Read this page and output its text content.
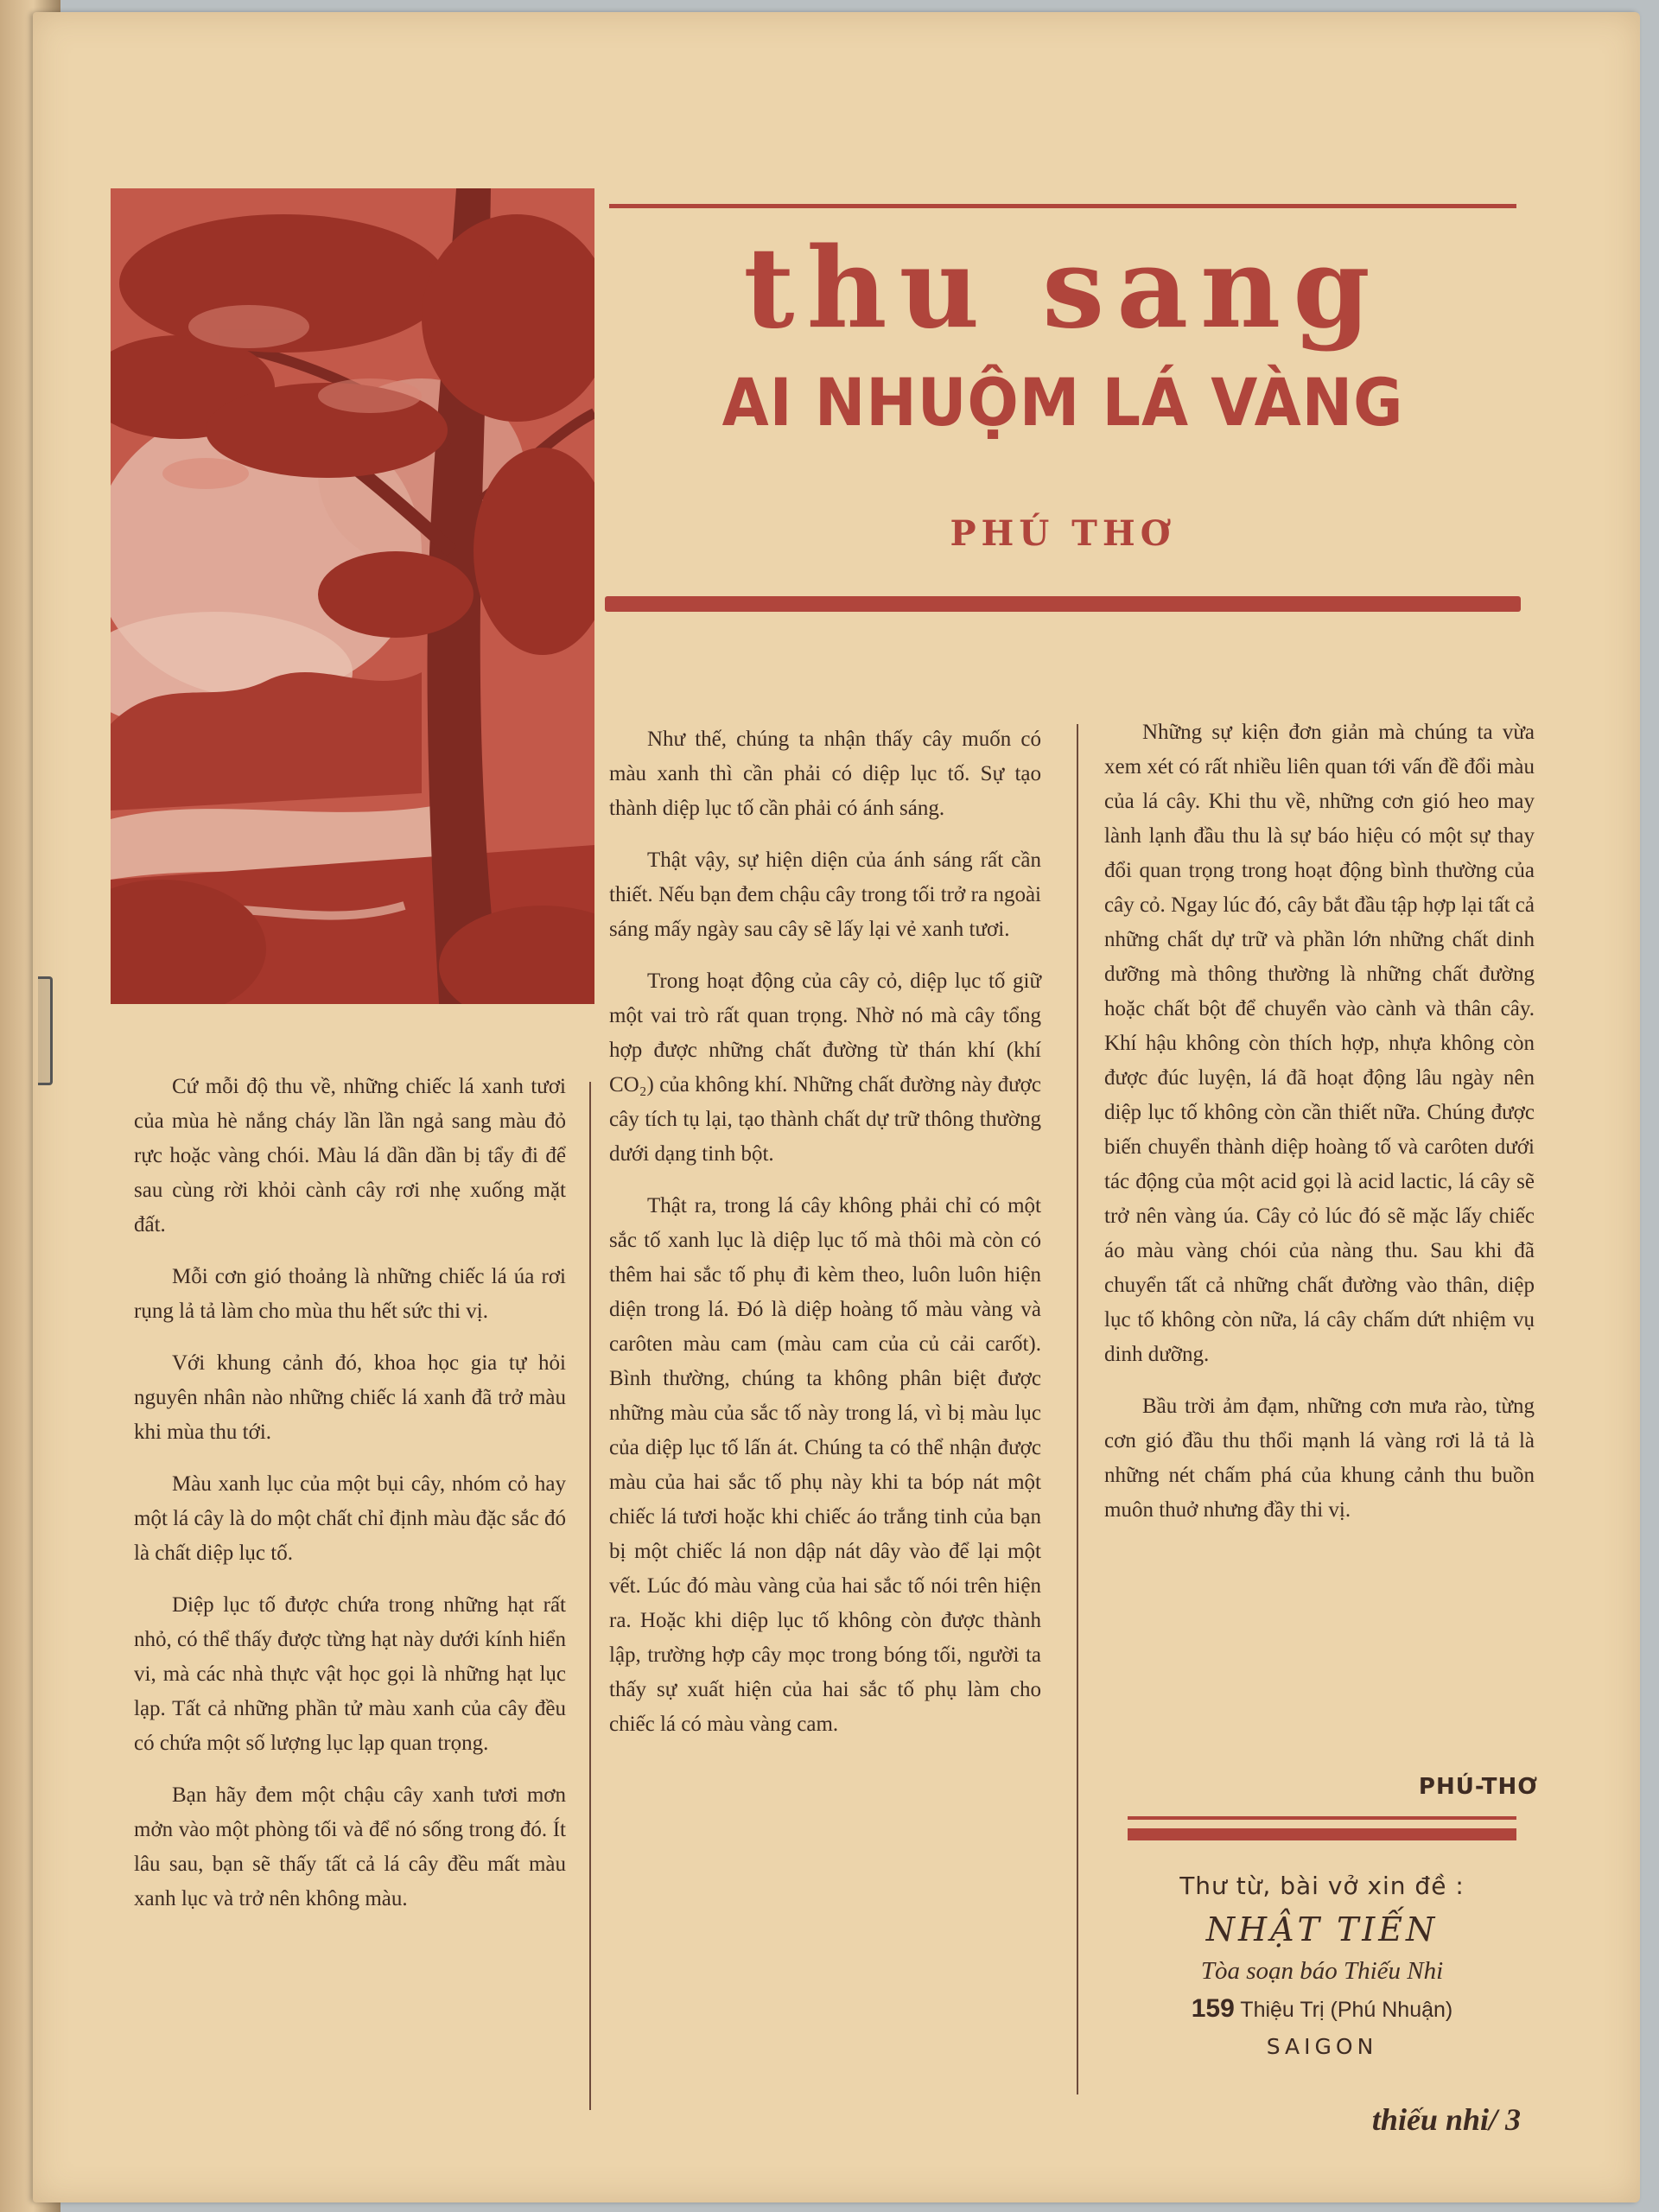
thu sang
AI NHUỘM LÁ VÀNG
PHÚ THƠ

Cứ mỗi độ thu về, những chiếc lá xanh tươi của mùa hè nắng cháy lần lần ngả sang màu đỏ rực hoặc vàng chói. Màu lá dần dần bị tẩy đi để sau cùng rời khỏi cành cây rơi nhẹ xuống mặt đất.

Mỗi cơn gió thoảng là những chiếc lá úa rơi rụng lả tả làm cho mùa thu hết sức thi vị.

Với khung cảnh đó, khoa học gia tự hỏi nguyên nhân nào những chiếc lá xanh đã trở màu khi mùa thu tới.

Màu xanh lục của một bụi cây, nhóm cỏ hay một lá cây là do một chất chỉ định màu đặc sắc đó là chất diệp lục tố.

Diệp lục tố được chứa trong những hạt rất nhỏ, có thể thấy được từng hạt này dưới kính hiển vi, mà các nhà thực vật học gọi là những hạt lục lạp. Tất cả những phần tử màu xanh của cây đều có chứa một số lượng lục lạp quan trọng.

Bạn hãy đem một chậu cây xanh tươi mơn mởn vào một phòng tối và để nó sống trong đó. Ít lâu sau, bạn sẽ thấy tất cả lá cây đều mất màu xanh lục và trở nên không màu.

Như thế, chúng ta nhận thấy cây muốn có màu xanh thì cần phải có diệp lục tố. Sự tạo thành diệp lục tố cần phải có ánh sáng.

Thật vậy, sự hiện diện của ánh sáng rất cần thiết. Nếu bạn đem chậu cây trong tối trở ra ngoài sáng mấy ngày sau cây sẽ lấy lại vẻ xanh tươi.

Trong hoạt động của cây cỏ, diệp lục tố giữ một vai trò rất quan trọng. Nhờ nó mà cây tổng hợp được những chất đường từ thán khí (khí CO₂) của không khí. Những chất đường này được cây tích tụ lại, tạo thành chất dự trữ thông thường dưới dạng tinh bột.

Thật ra, trong lá cây không phải chỉ có một sắc tố xanh lục là diệp lục tố mà thôi mà còn có thêm hai sắc tố phụ đi kèm theo, luôn luôn hiện diện trong lá. Đó là diệp hoàng tố màu vàng và carôten màu cam (màu cam của củ cải carốt). Bình thường, chúng ta không phân biệt được những màu của sắc tố này trong lá, vì bị màu lục của diệp lục tố lấn át. Chúng ta có thể nhận được màu của hai sắc tố phụ này khi ta bóp nát một chiếc lá tươi hoặc khi chiếc áo trắng tinh của bạn bị một chiếc lá non dập nát dây vào để lại một vết. Lúc đó màu vàng của hai sắc tố nói trên hiện ra. Hoặc khi diệp lục tố không còn được thành lập, trường hợp cây mọc trong bóng tối, người ta thấy sự xuất hiện của hai sắc tố phụ làm cho chiếc lá có màu vàng cam.

Những sự kiện đơn giản mà chúng ta vừa xem xét có rất nhiều liên quan tới vấn đề đổi màu của lá cây. Khi thu về, những cơn gió heo may lành lạnh đầu thu là sự báo hiệu có một sự thay đổi quan trọng trong hoạt động bình thường của cây cỏ. Ngay lúc đó, cây bắt đầu tập hợp lại tất cả những chất dự trữ và phần lớn những chất dinh dưỡng mà thông thường là những chất đường hoặc chất bột để chuyển vào cành và thân cây. Khí hậu không còn thích hợp, nhựa không còn được đúc luyện, lá đã hoạt động lâu ngày nên diệp lục tố không còn cần thiết nữa. Chúng được biến chuyển thành diệp hoàng tố và carôten dưới tác động của một acid gọi là acid lactic, lá cây sẽ trở nên vàng úa. Cây cỏ lúc đó sẽ mặc lấy chiếc áo màu vàng chói của nàng thu. Sau khi đã chuyển tất cả những chất đường vào thân, diệp lục tố không còn nữa, lá cây chấm dứt nhiệm vụ dinh dưỡng.

Bầu trời ảm đạm, những cơn mưa rào, từng cơn gió đầu thu thổi mạnh lá vàng rơi lả tả là những nét chấm phá của khung cảnh thu buồn muôn thuở nhưng đầy thi vị.

PHÚ-THƠ
Thư từ, bài vở xin đề :
NHẬT TIẾN
Tòa soạn báo Thiếu Nhi
159 Thiệu Trị (Phú Nhuận)
SAIGON
thiếu nhi/ 3
